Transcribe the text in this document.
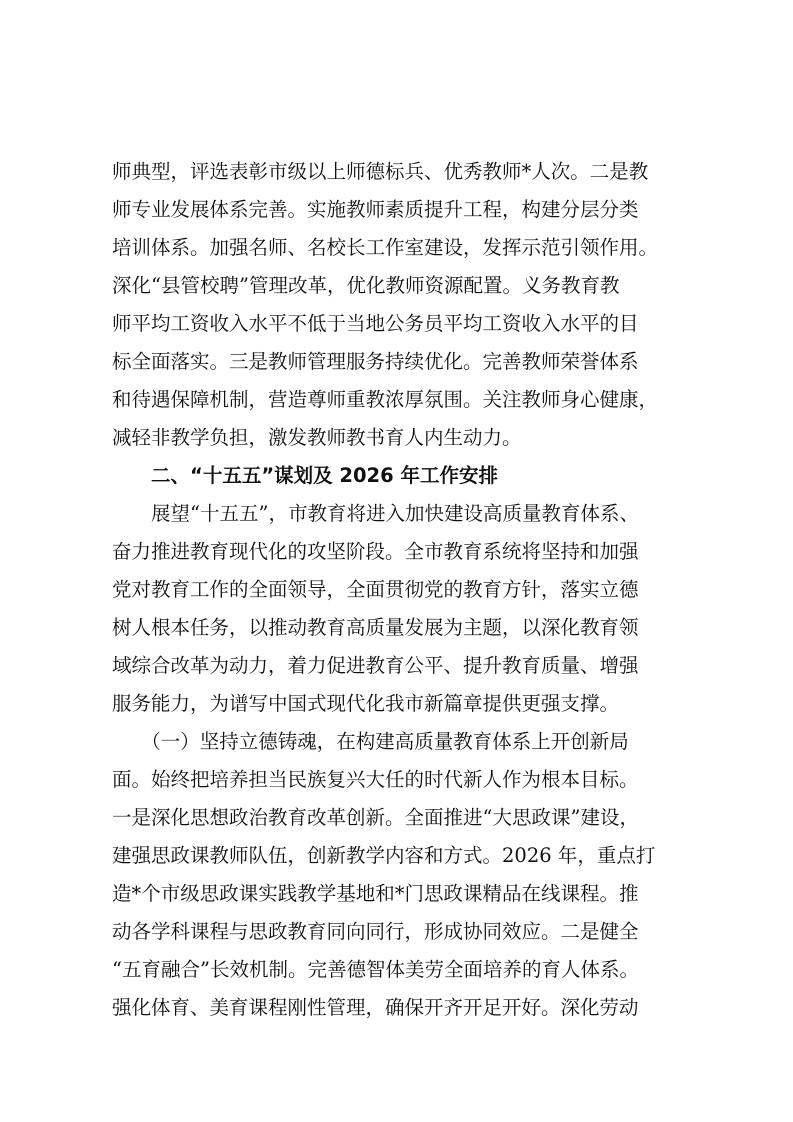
师典型，评选表彰市级以上师德标兵、优秀教师*人次。二是教
师专业发展体系完善。实施教师素质提升工程，构建分层分类
培训体系。加强名师、名校长工作室建设，发挥示范引领作用。
深化“县管校聘”管理改革，优化教师资源配置。义务教育教
师平均工资收入水平不低于当地公务员平均工资收入水平的目
标全面落实。三是教师管理服务持续优化。完善教师荣誉体系
和待遇保障机制，营造尊师重教浓厚氛围。关注教师身心健康，
减轻非教学负担，激发教师教书育人内生动力。
　　二、“十五五”谋划及 2026 年工作安排
　　展望“十五五”，市教育将进入加快建设高质量教育体系、
奋力推进教育现代化的攻坚阶段。全市教育系统将坚持和加强
党对教育工作的全面领导，全面贯彻党的教育方针，落实立德
树人根本任务，以推动教育高质量发展为主题，以深化教育领
域综合改革为动力，着力促进教育公平、提升教育质量、增强
服务能力，为谱写中国式现代化我市新篇章提供更强支撑。
　　（一）坚持立德铸魂，在构建高质量教育体系上开创新局
面。始终把培养担当民族复兴大任的时代新人作为根本目标。
一是深化思想政治教育改革创新。全面推进“大思政课”建设，
建强思政课教师队伍，创新教学内容和方式。2026 年，重点打
造*个市级思政课实践教学基地和*门思政课精品在线课程。推
动各学科课程与思政教育同向同行，形成协同效应。二是健全
“五育融合”长效机制。完善德智体美劳全面培养的育人体系。
强化体育、美育课程刚性管理，确保开齐开足开好。深化劳动
